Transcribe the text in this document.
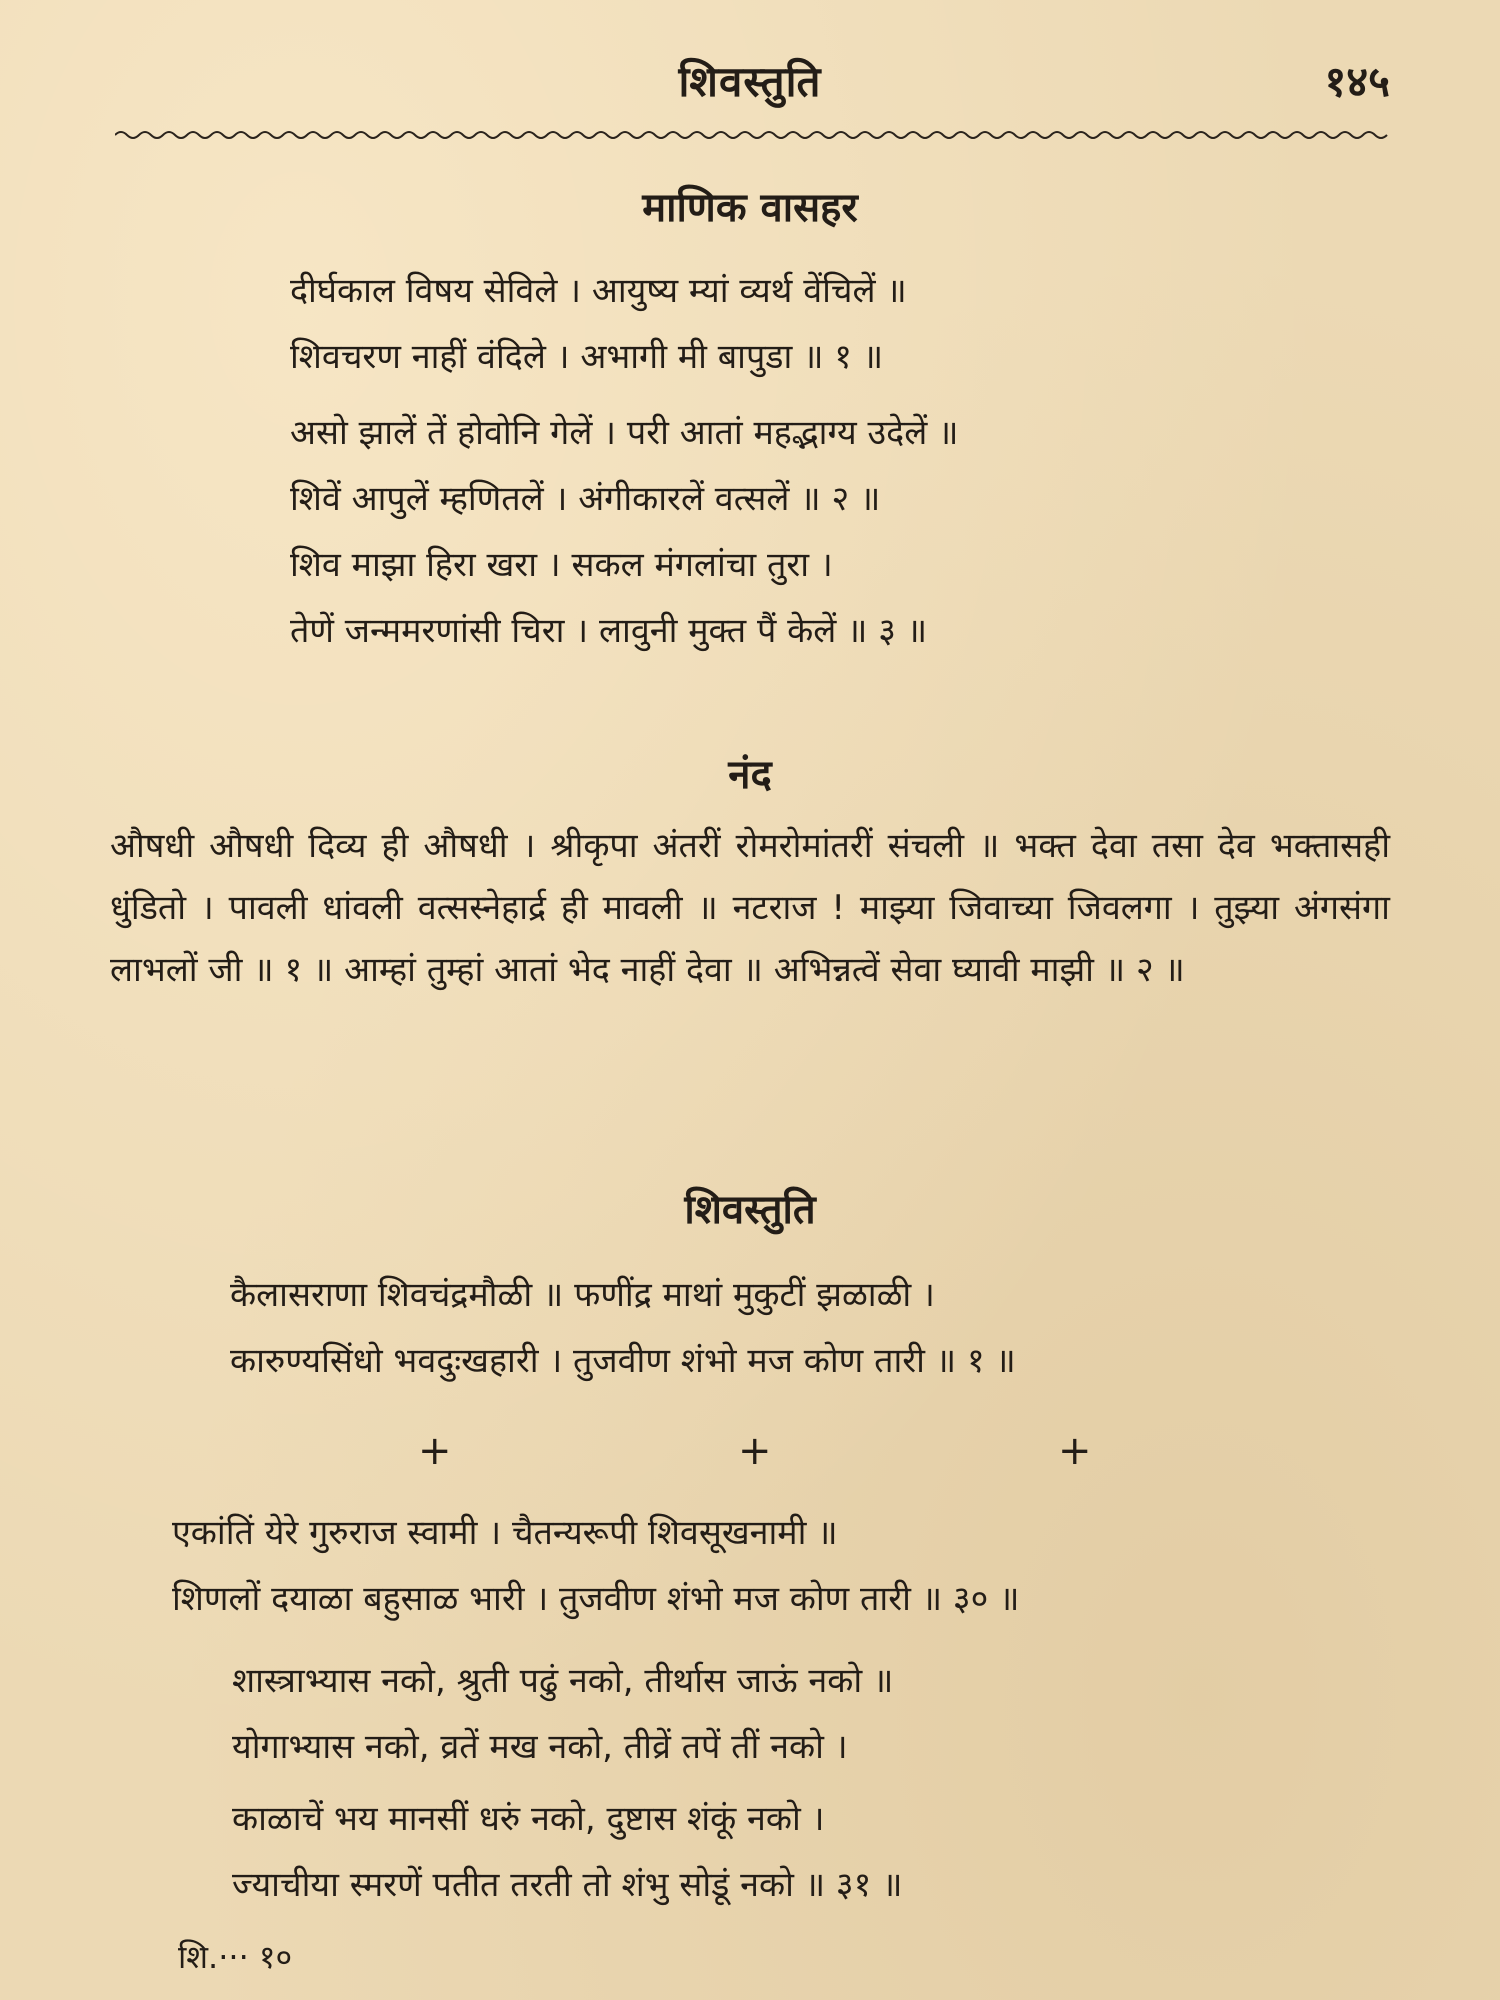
शिवस्तुति	१४५
माणिक वासहर
दीर्घकाल विषय सेविले । आयुष्य म्यां व्यर्थ वेंचिलें ॥
शिवचरण नाहीं वंदिले । अभागी मी बापुडा ॥ १ ॥
असो झालें तें होवोनि गेलें । परी आतां महद्भाग्य उदेलें ॥
शिवें आपुलें म्हणितलें । अंगीकारलें वत्सलें ॥ २ ॥
शिव माझा हिरा खरा । सकल मंगलांचा तुरा ।
तेणें जन्ममरणांसी चिरा । लावुनी मुक्त पैं केलें ॥ ३ ॥
नंद

औषधी औषधी दिव्य ही औषधी । श्रीकृपा अंतरीं रोमरोमांतरीं संचली ॥ भक्त देवा तसा देव भक्तासही धुंडितो । पावली धांवली वत्सस्नेहार्द्र ही मावली ॥ नटराज ! माझ्या जिवाच्या जिवलगा । तुझ्या अंगसंगा लाभलों जी ॥ १ ॥ आम्हां तुम्हां आतां भेद नाहीं देवा ॥ अभिन्नत्वें सेवा घ्यावी माझी ॥ २ ॥

शिवस्तुति
कैलासराणा शिवचंद्रमौळी ॥ फणींद्र माथां मुकुटीं झळाळी ।
कारुण्यसिंधो भवदुःखहारी । तुजवीण शंभो मज कोण तारी ॥ १ ॥
+	+	+
एकांतिं येरे गुरुराज स्वामी । चैतन्यरूपी शिवसूखनामी ॥
शिणलों दयाळा बहुसाळ भारी । तुजवीण शंभो मज कोण तारी ॥ ३० ॥
शास्त्राभ्यास नको, श्रुती पढुं नको, तीर्थास जाऊं नको ॥
योगाभ्यास नको, व्रतें मख नको, तीव्रें तपें तीं नको ।
काळाचें भय मानसीं धरुं नको, दुष्टास शंकूं नको ।
ज्याचीया स्मरणें पतीत तरती तो शंभु सोडूं नको ॥ ३१ ॥
शि.··· १०
